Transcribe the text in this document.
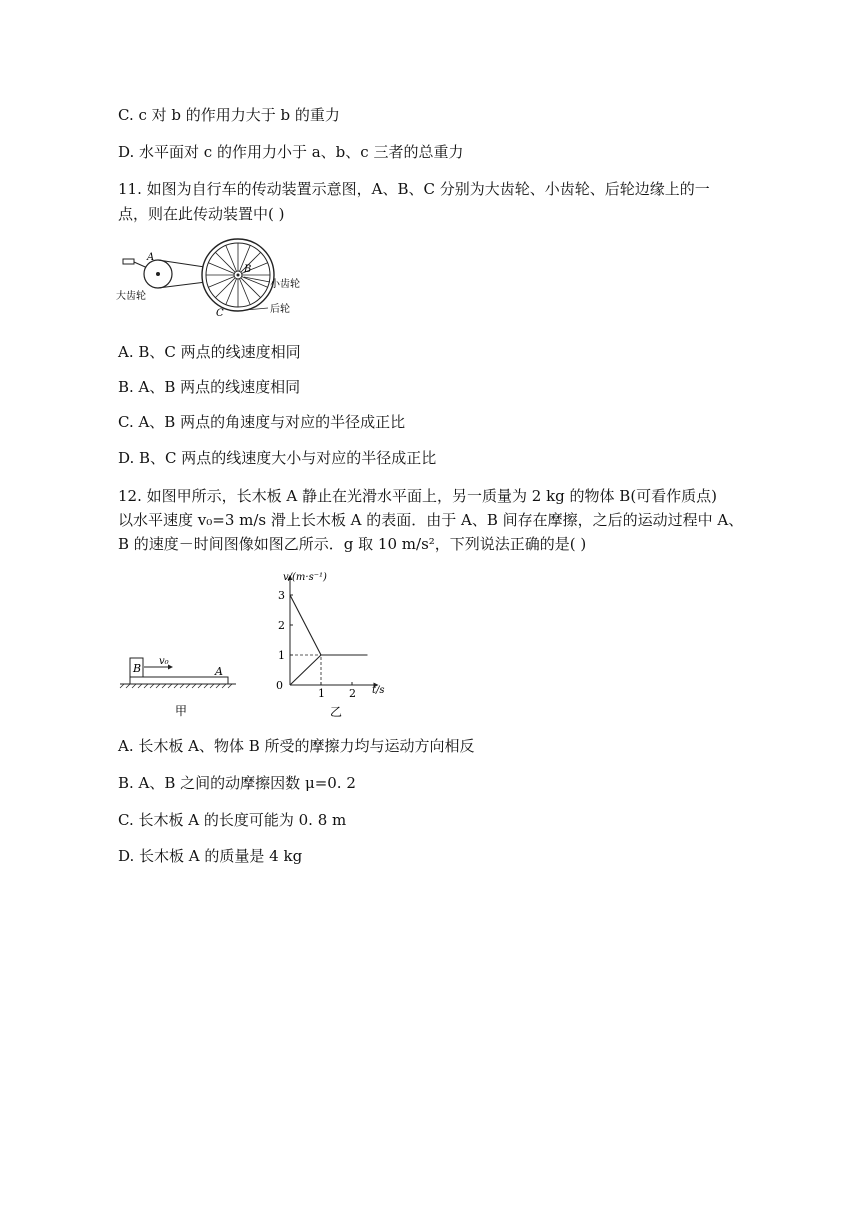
C. c 对 b 的作用力大于 b 的重力
D. 水平面对 c 的作用力小于 a、b、c 三者的总重力
11. 如图为自行车的传动装置示意图，A、B、C 分别为大齿轮、小齿轮、后轮边缘上的一
点，则在此传动装置中( )
A
B
C
大齿轮
小齿轮
后轮
A. B、C 两点的线速度相同
B. A、B 两点的线速度相同
C. A、B 两点的角速度与对应的半径成正比
D. B、C 两点的线速度大小与对应的半径成正比
12. 如图甲所示，长木板 A 静止在光滑水平面上，另一质量为 2 kg 的物体 B(可看作质点)
以水平速度 v₀=3 m/s 滑上长木板 A 的表面．由于 A、B 间存在摩擦，之后的运动过程中 A、
B 的速度－时间图像如图乙所示．g 取 10 m/s²，下列说法正确的是( )
B
v₀
A
甲
1
2
3
1 2
v/(m·s⁻¹)
t/s
0
乙
A. 长木板 A、物体 B 所受的摩擦力均与运动方向相反
B. A、B 之间的动摩擦因数 μ=0. 2
C. 长木板 A 的长度可能为 0. 8 m
D. 长木板 A 的质量是 4 kg
